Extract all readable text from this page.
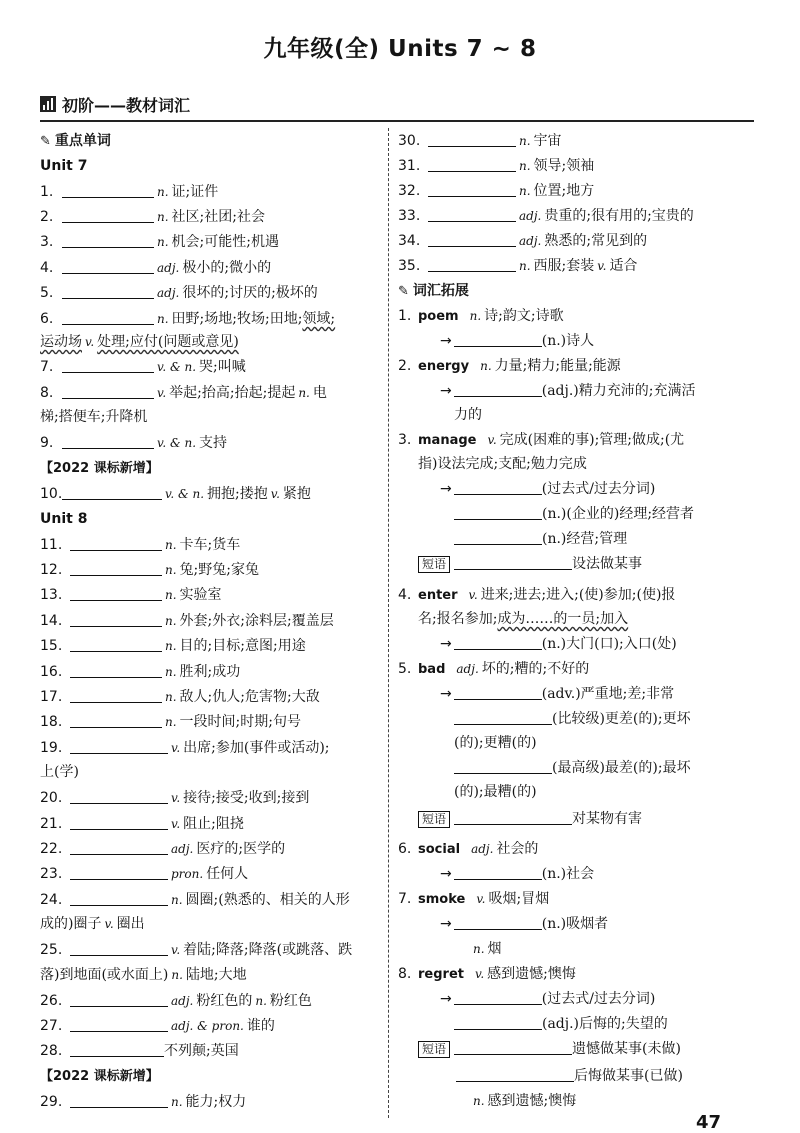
九年级(全) Units 7 ~ 8
初阶——教材词汇
✎ 重点单词
Unit 7
1.	n. 证;证件
2.	n. 社区;社团;社会
3.	n. 机会;可能性;机遇
4.	adj. 极小的;微小的
5.	adj. 很坏的;讨厌的;极坏的
6.	n. 田野;场地;牧场;田地;领域;
运动场 v. 处理;应付(问题或意见)
7.	v. & n. 哭;叫喊
8.	v. 举起;抬高;抬起;提起 n. 电
梯;搭便车;升降机
9.	v. & n. 支持
【2022 课标新增】
10.	v. & n. 拥抱;搂抱 v. 紧抱
Unit 8
11.	n. 卡车;货车
12.	n. 兔;野兔;家兔
13.	n. 实验室
14.	n. 外套;外衣;涂料层;覆盖层
15.	n. 目的;目标;意图;用途
16.	n. 胜利;成功
17.	n. 敌人;仇人;危害物;大敌
18.	n. 一段时间;时期;句号
19.	v. 出席;参加(事件或活动);
上(学)
20.	v. 接待;接受;收到;接到
21.	v. 阻止;阻挠
22.	adj. 医疗的;医学的
23.	pron. 任何人
24.	n. 圆圈;(熟悉的、相关的人形
成的)圈子 v. 圈出
25.	v. 着陆;降落;降落(或跳落、跌
落)到地面(或水面上) n. 陆地;大地
26.	adj. 粉红色的 n. 粉红色
27.	adj. & pron. 谁的
28.	不列颠;英国
【2022 课标新增】
29.	n. 能力;权力
30.	n. 宇宙
31.	n. 领导;领袖
32.	n. 位置;地方
33.	adj. 贵重的;很有用的;宝贵的
34.	adj. 熟悉的;常见到的
35.	n. 西服;套装 v. 适合
✎ 词汇拓展
1. poem n. 诗;韵文;诗歌
→	(n.)诗人
2. energy n. 力量;精力;能量;能源
→	(adj.)精力充沛的;充满活
力的
3. manage v. 完成(困难的事);管理;做成;(尤
指)设法完成;支配;勉力完成
→	(过去式/过去分词)
(n.)(企业的)经理;经营者
(n.)经营;管理
短语	设法做某事
4. enter v. 进来;进去;进入;(使)参加;(使)报
名;报名参加;成为……的一员;加入
→	(n.)大门(口);入口(处)
5. bad adj. 坏的;糟的;不好的
→	(adv.)严重地;差;非常
(比较级)更差(的);更坏
(的);更糟(的)
(最高级)最差(的);最坏
(的);最糟(的)
短语	对某物有害
6. social adj. 社会的
→	(n.)社会
7. smoke v. 吸烟;冒烟
→	(n.)吸烟者
n. 烟
8. regret v. 感到遗憾;懊悔
→	(过去式/过去分词)
(adj.)后悔的;失望的
短语	遗憾做某事(未做)
后悔做某事(已做)
n. 感到遗憾;懊悔
47
